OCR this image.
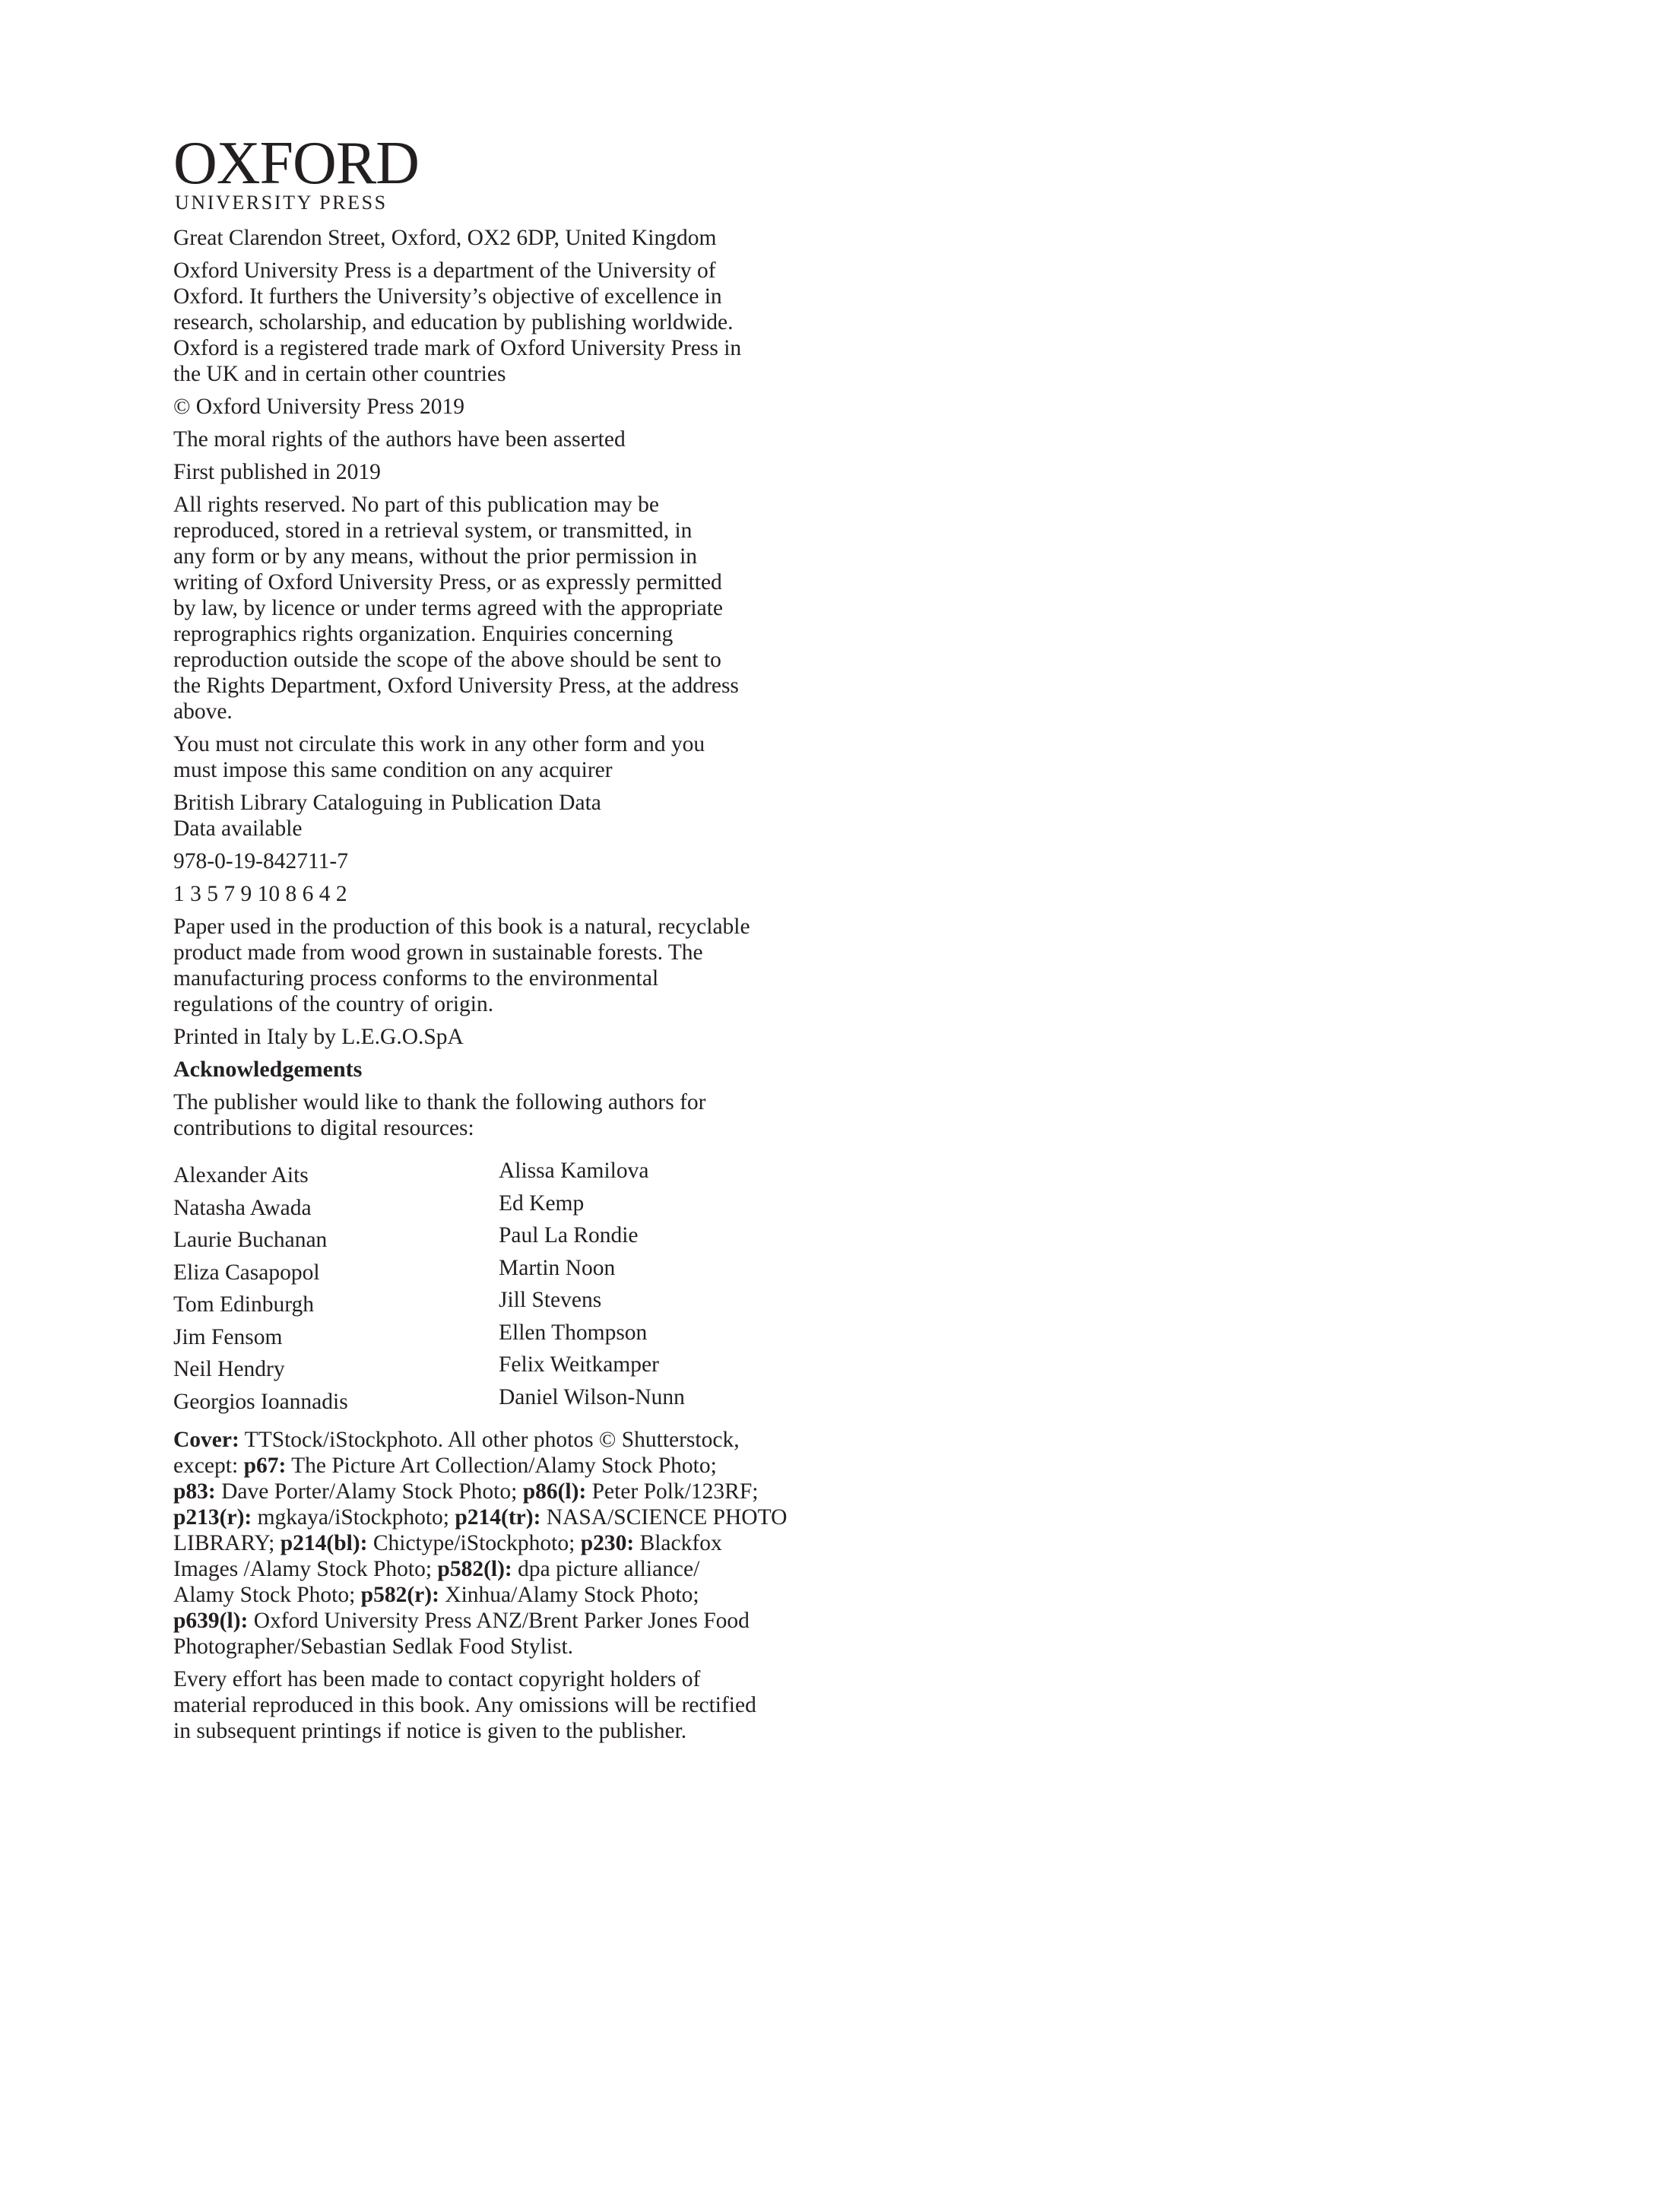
OXFORD
UNIVERSITY PRESS

Great Clarendon Street, Oxford, OX2 6DP, United Kingdom

Oxford University Press is a department of the University of
Oxford. It furthers the University’s objective of excellence in
research, scholarship, and education by publishing worldwide.
Oxford is a registered trade mark of Oxford University Press in
the UK and in certain other countries

© Oxford University Press 2019

The moral rights of the authors have been asserted

First published in 2019

All rights reserved. No part of this publication may be
reproduced, stored in a retrieval system, or transmitted, in
any form or by any means, without the prior permission in
writing of Oxford University Press, or as expressly permitted
by law, by licence or under terms agreed with the appropriate
reprographics rights organization. Enquiries concerning
reproduction outside the scope of the above should be sent to
the Rights Department, Oxford University Press, at the address
above.

You must not circulate this work in any other form and you
must impose this same condition on any acquirer

British Library Cataloguing in Publication Data
Data available

978-0-19-842711-7

1 3 5 7 9 10 8 6 4 2

Paper used in the production of this book is a natural, recyclable
product made from wood grown in sustainable forests. The
manufacturing process conforms to the environmental
regulations of the country of origin.

Printed in Italy by L.E.G.O.SpA

Acknowledgements

The publisher would like to thank the following authors for
contributions to digital resources:

Alexander Aits
Natasha Awada
Laurie Buchanan
Eliza Casapopol
Tom Edinburgh
Jim Fensom
Neil Hendry
Georgios Ioannadis
Alissa Kamilova
Ed Kemp
Paul La Rondie
Martin Noon
Jill Stevens
Ellen Thompson
Felix Weitkamper
Daniel Wilson-Nunn

Cover: TTStock/iStockphoto. All other photos © Shutterstock,
except: p67: The Picture Art Collection/Alamy Stock Photo;
p83: Dave Porter/Alamy Stock Photo; p86(l): Peter Polk/123RF;
p213(r): mgkaya/iStockphoto; p214(tr): NASA/SCIENCE PHOTO
LIBRARY; p214(bl): Chictype/iStockphoto; p230: Blackfox
Images /Alamy Stock Photo; p582(l): dpa picture alliance/
Alamy Stock Photo; p582(r): Xinhua/Alamy Stock Photo;
p639(l): Oxford University Press ANZ/Brent Parker Jones Food
Photographer/Sebastian Sedlak Food Stylist.

Every effort has been made to contact copyright holders of
material reproduced in this book. Any omissions will be rectified
in subsequent printings if notice is given to the publisher.
